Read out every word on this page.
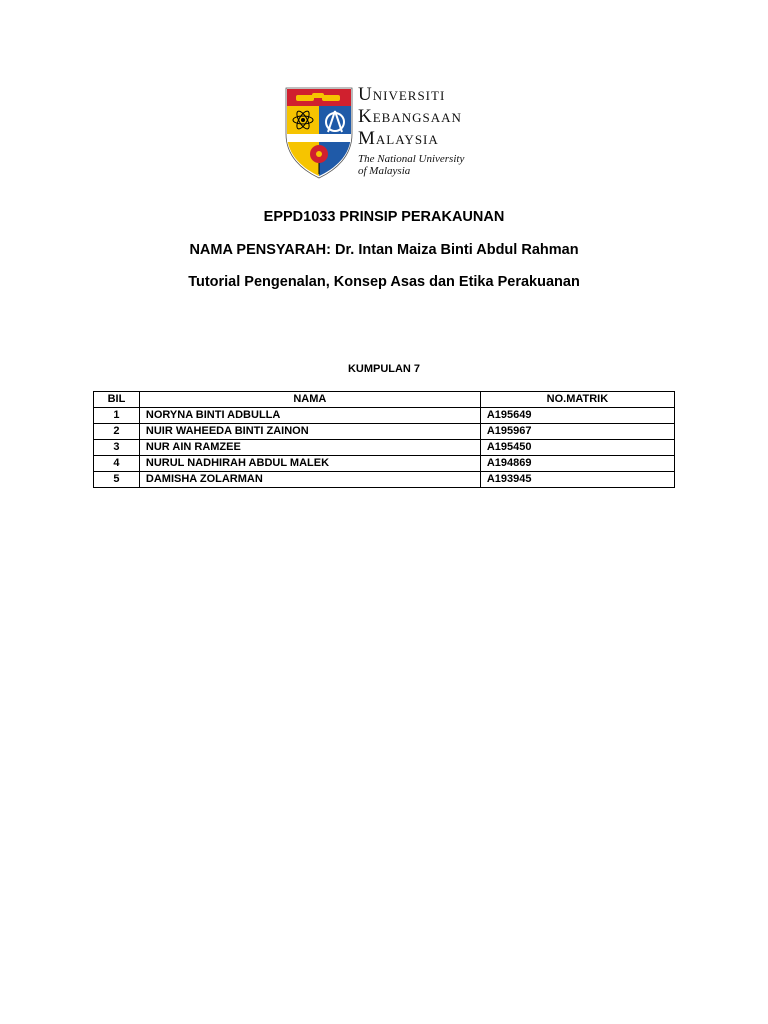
UNIVERSITI
KEBANGSAAN
MALAYSIA
The National University
of Malaysia
EPPD1033 PRINSIP PERAKAUNAN
NAMA PENSYARAH: Dr. Intan Maiza Binti Abdul Rahman
Tutorial Pengenalan, Konsep Asas dan Etika Perakuanan
KUMPULAN 7
BIL	NAMA	NO.MATRIK
1	NORYNA BINTI ADBULLA	A195649
2	NUIR WAHEEDA BINTI ZAINON	A195967
3	NUR AIN RAMZEE	A195450
4	NURUL NADHIRAH ABDUL MALEK	A194869
5	DAMISHA ZOLARMAN	A193945
